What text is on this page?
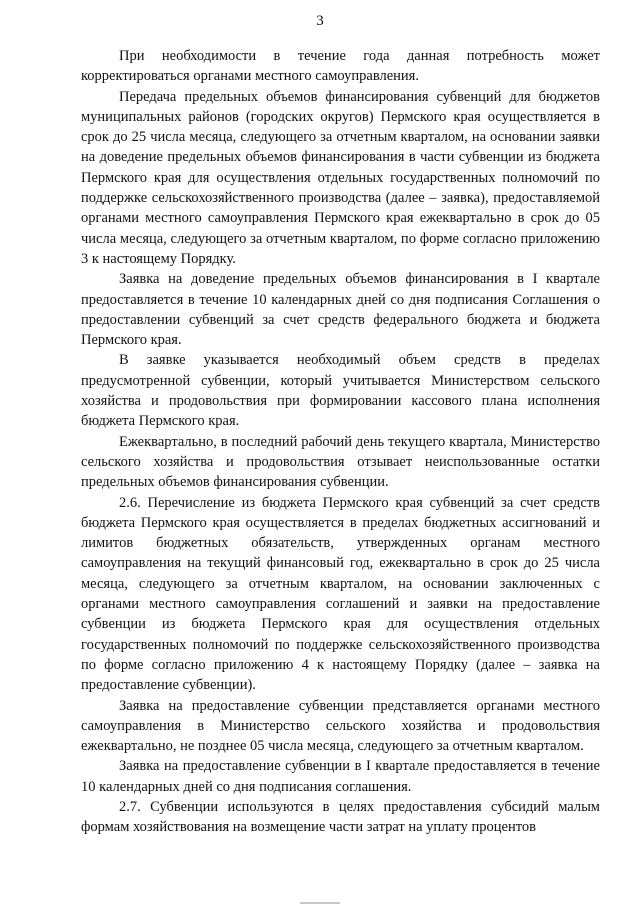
3

При необходимости в течение года данная потребность может корректироваться органами местного самоуправления.

Передача предельных объемов финансирования субвенций для бюджетов муниципальных районов (городских округов) Пермского края осуществляется в срок до 25 числа месяца, следующего за отчетным кварталом, на основании заявки на доведение предельных объемов финансирования в части субвенции из бюджета Пермского края для осуществления отдельных государственных полномочий по поддержке сельскохозяйственного производства (далее – заявка), предоставляемой органами местного самоуправления Пермского края ежеквартально в срок до 05 числа месяца, следующего за отчетным кварталом, по форме согласно приложению 3 к настоящему Порядку.

Заявка на доведение предельных объемов финансирования в I квартале предоставляется в течение 10 календарных дней со дня подписания Соглашения о предоставлении субвенций за счет средств федерального бюджета и бюджета Пермского края.

В заявке указывается необходимый объем средств в пределах предусмотренной субвенции, который учитывается Министерством сельского хозяйства и продовольствия при формировании кассового плана исполнения бюджета Пермского края.

Ежеквартально, в последний рабочий день текущего квартала, Министерство сельского хозяйства и продовольствия отзывает неиспользованные остатки предельных объемов финансирования субвенции.

2.6. Перечисление из бюджета Пермского края субвенций за счет средств бюджета Пермского края осуществляется в пределах бюджетных ассигнований и лимитов бюджетных обязательств, утвержденных органам местного самоуправления на текущий финансовый год, ежеквартально в срок до 25 числа месяца, следующего за отчетным кварталом, на основании заключенных с органами местного самоуправления соглашений и заявки на предоставление субвенции из бюджета Пермского края для осуществления отдельных государственных полномочий по поддержке сельскохозяйственного производства по форме согласно приложению 4 к настоящему Порядку (далее – заявка на предоставление субвенции).

Заявка на предоставление субвенции представляется органами местного самоуправления в Министерство сельского хозяйства и продовольствия ежеквартально, не позднее 05 числа месяца, следующего за отчетным кварталом.

Заявка на предоставление субвенции в I квартале предоставляется в течение 10 календарных дней со дня подписания соглашения.

2.7. Субвенции используются в целях предоставления субсидий малым формам хозяйствования на возмещение части затрат на уплату процентов
